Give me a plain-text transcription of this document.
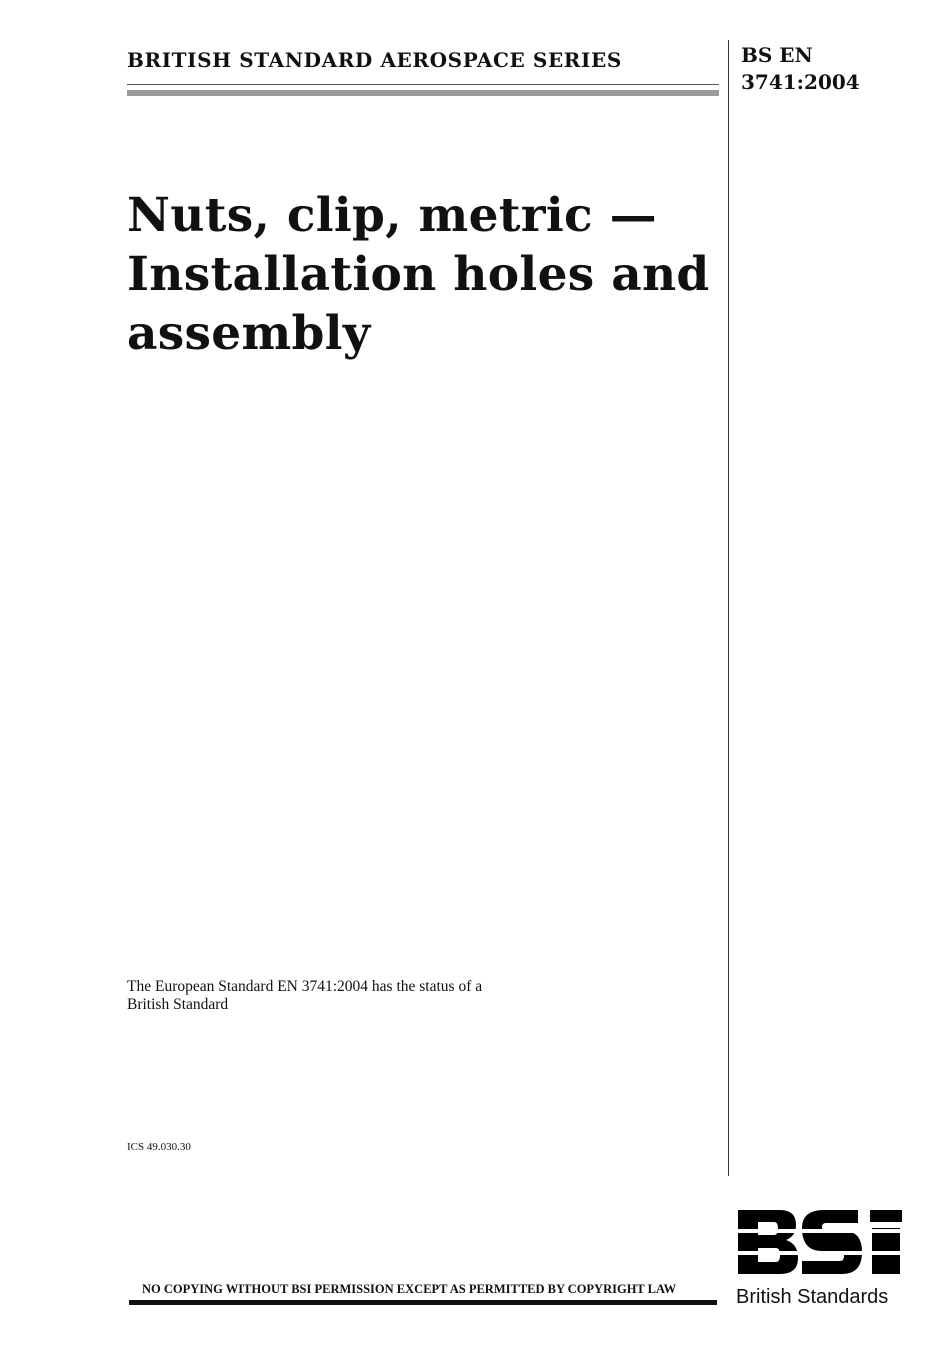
BRITISH STANDARD AEROSPACE SERIES	BS EN
3741:2004
Nuts, clip, metric —
Installation holes and
assembly
The European Standard EN 3741:2004 has the status of a
British Standard
ICS 49.030.30
NO COPYING WITHOUT BSI PERMISSION EXCEPT AS PERMITTED BY COPYRIGHT LAW	British Standards
